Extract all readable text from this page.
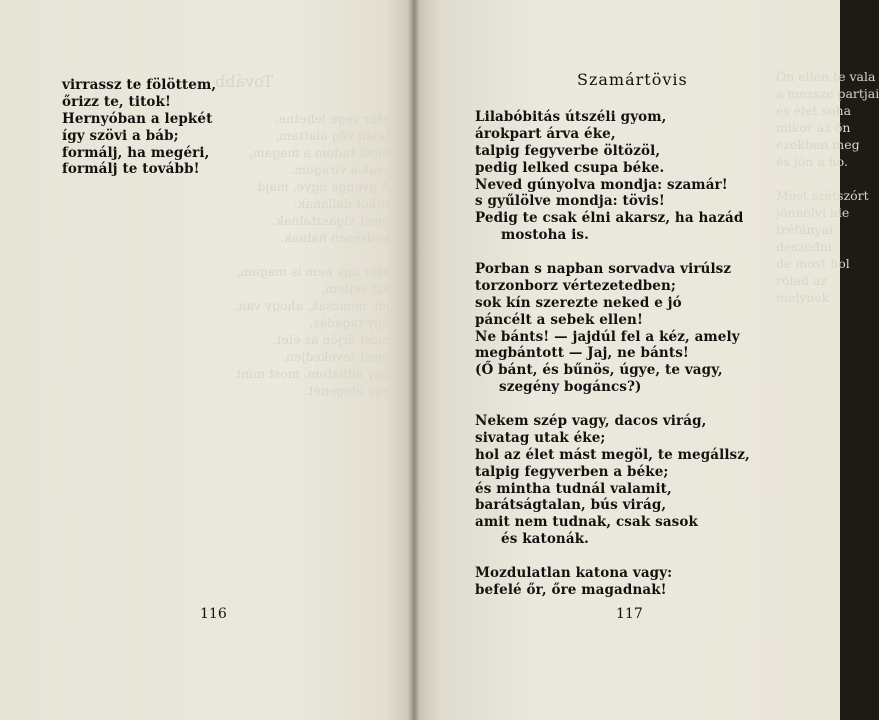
Tovább
Már vége lehetne,
talán vég alattam,
most tudom a magam,
csak a viragom.
A gyenge ugye, majd
titkot dallanak,
most vigasztalnak,
kedvesen halnak.
Már úgy nem is magam,
azt sejtem,
jól, nemcsak, ahogy van,
úgy tagadás,
most őrjön az élet,
most tevekedjen,
úgy adhatom, most mint
egy idegenét.
virrassz te fölöttem,
őrizz te, titok!
Hernyóban a lepkét
így szövi a báb;
formálj, ha megéri,
formálj te tovább!
116
Ön ellen te vala
a messze partjai
és élet soha
mikor az ön
ezekben meg
és jön a ho.
Most szétszórt
jönnélyi ide
tréfányai
deszedni
de most hol
rólad az
melynek
Szamártövis
Lilabóbitás útszéli gyom,
árokpart árva éke,
talpig fegyverbe öltözöl,
pedig lelked csupa béke.
Neved gúnyolva mondja: szamár!
s gyűlölve mondja: tövis!
Pedig te csak élni akarsz, ha hazád
mostoha is.
Porban s napban sorvadva virúlsz
torzonborz vértezetedben;
sok kín szerezte neked e jó
páncélt a sebek ellen!
Ne bánts! — jajdúl fel a kéz, amely
megbántott — Jaj, ne bánts!
(Ő bánt, és bűnös, úgye, te vagy,
szegény bogáncs?)
Nekem szép vagy, dacos virág,
sivatag utak éke;
hol az élet mást megöl, te megállsz,
talpig fegyverben a béke;
és mintha tudnál valamit,
barátságtalan, bús virág,
amit nem tudnak, csak sasok
és katonák.
Mozdulatlan katona vagy:
befelé őr, őre magadnak!
117
